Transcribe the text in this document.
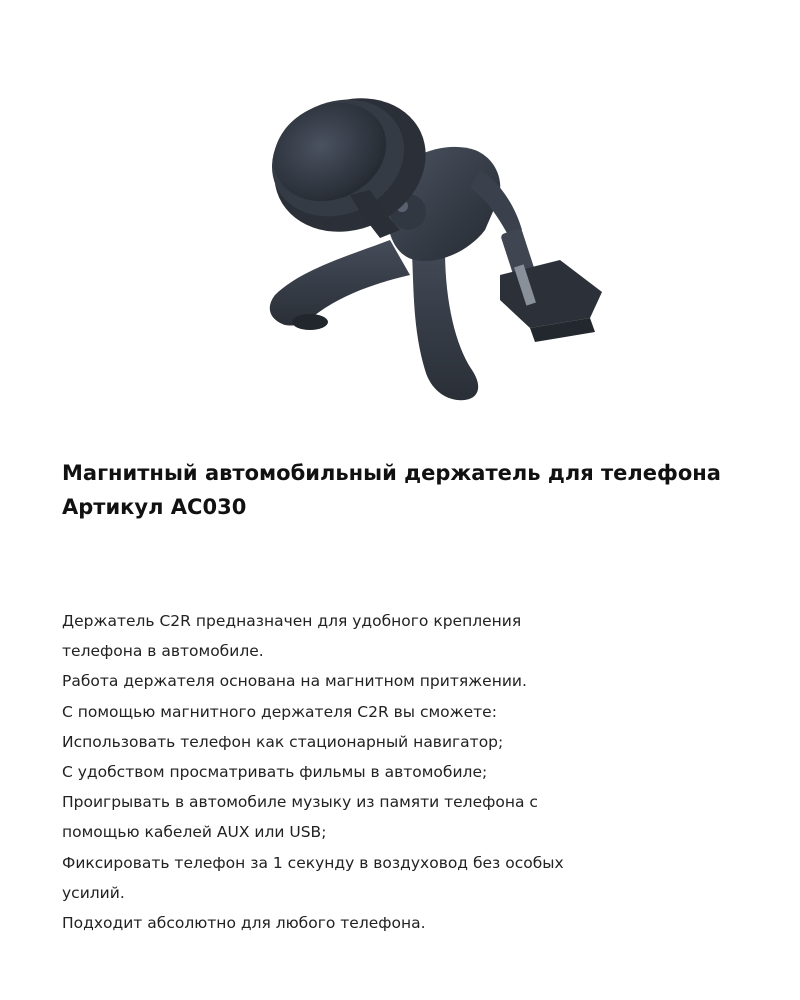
Магнитный автомобильный держатель для телефона
Артикул АС030
Держатель C2R предназначен для удобного крепления
телефона в автомобиле.
Работа держателя основана на магнитном притяжении.
С помощью магнитного держателя C2R вы сможете:
Использовать телефон как стационарный навигатор;
С удобством просматривать фильмы в автомобиле;
Проигрывать в автомобиле музыку из памяти телефона с
помощью кабелей AUX или USB;
Фиксировать телефон за 1 секунду в воздуховод без особых
усилий.
Подходит абсолютно для любого телефона.
